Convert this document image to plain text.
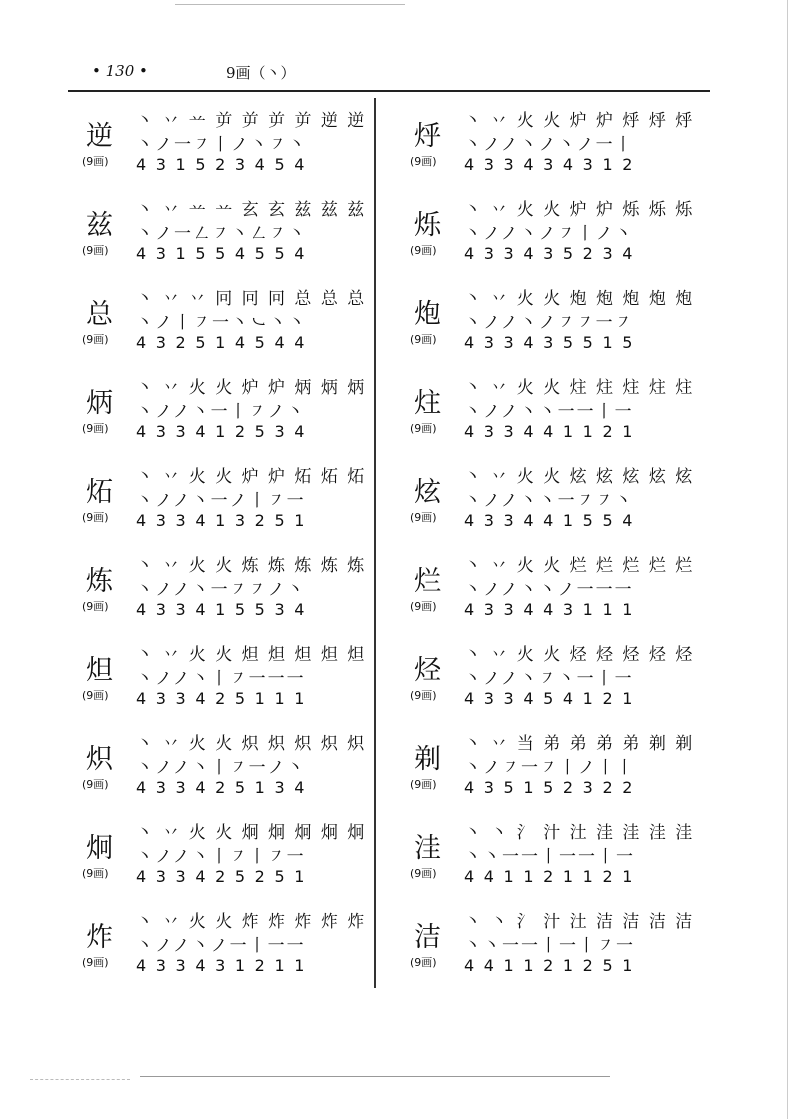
• 130 •	9画（丶）
逆
(9画)
丶 丷 䒑 屰 屰 屰 屰 逆 逆
丶ノ一㇇丨ノ丶㇇丶
431523454
兹
(9画)
丶 丷 䒑 䒑 玄 玄 兹 兹 兹
丶ノ一㇜㇇丶㇜㇇丶
431554554
总
(9画)
丶 丷 丷 冋 冋 冋 总 总 总
丶ノ丨㇇一丶㇃丶丶
432514544
炳
(9画)
丶 丷 火 火 炉 炉 炳 炳 炳
丶ノノ丶一丨㇇ノ丶
433412534
炻
(9画)
丶 丷 火 火 炉 炉 炻 炻 炻
丶ノノ丶一ノ丨㇇一
433413251
炼
(9画)
丶 丷 火 火 炼 炼 炼 炼 炼
丶ノノ丶一㇇㇇ノ丶
433415534
炟
(9画)
丶 丷 火 火 炟 炟 炟 炟 炟
丶ノノ丶丨㇇一一一
433425111
炽
(9画)
丶 丷 火 火 炽 炽 炽 炽 炽
丶ノノ丶丨㇇一ノ丶
433425134
炯
(9画)
丶 丷 火 火 炯 炯 炯 炯 炯
丶ノノ丶丨㇇丨㇇一
433425251
炸
(9画)
丶 丷 火 火 炸 炸 炸 炸 炸
丶ノノ丶ノ一丨一一
433431211
烀
(9画)
丶 丷 火 火 炉 炉 烀 烀 烀
丶ノノ丶ノ丶ノ一丨
433434312
烁
(9画)
丶 丷 火 火 炉 炉 烁 烁 烁
丶ノノ丶ノ㇇丨ノ丶
433435234
炮
(9画)
丶 丷 火 火 炮 炮 炮 炮 炮
丶ノノ丶ノ㇇㇇一㇇
433435515
炷
(9画)
丶 丷 火 火 炷 炷 炷 炷 炷
丶ノノ丶丶一一丨一
433441121
炫
(9画)
丶 丷 火 火 炫 炫 炫 炫 炫
丶ノノ丶丶一㇇㇇丶
433441554
烂
(9画)
丶 丷 火 火 烂 烂 烂 烂 烂
丶ノノ丶丶ノ一一一
433443111
烃
(9画)
丶 丷 火 火 烃 烃 烃 烃 烃
丶ノノ丶㇇丶一丨一
433454121
剃
(9画)
丶 丷 当 弟 弟 弟 弟 剃 剃
丶ノ㇇一㇇丨ノ丨丨
435152322
洼
(9画)
丶 丶 氵 汁 汢 洼 洼 洼 洼
丶丶一一丨一一丨一
441121121
洁
(9画)
丶 丶 氵 汁 汢 洁 洁 洁 洁
丶丶一一丨一丨㇇一
441121251
